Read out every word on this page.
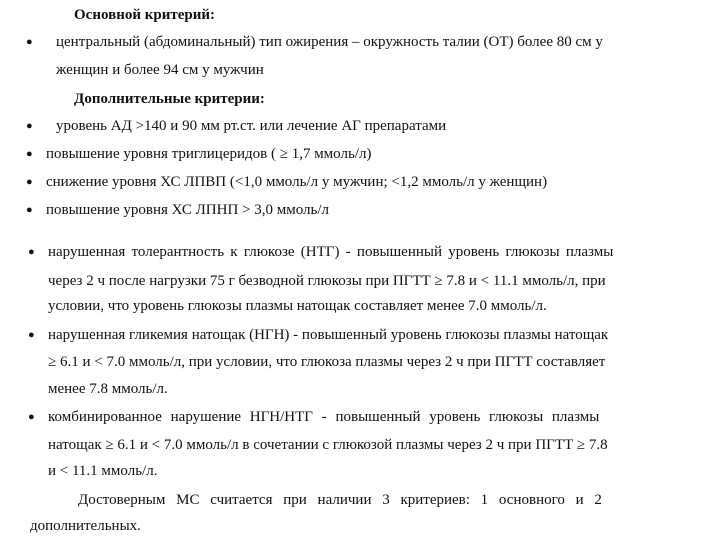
Основной критерий:
● центральный (абдоминальный) тип ожирения – окружность талии (ОТ) более 80 см у
женщин и более 94 см у мужчин
Дополнительные критерии:
● уровень АД >140 и 90 мм рт.ст. или лечение АГ препаратами
● повышение уровня триглицеридов ( ≥ 1,7 ммоль/л)
● снижение уровня ХС ЛПВП (<1,0 ммоль/л у мужчин; <1,2 ммоль/л у женщин)
● повышение уровня ХС ЛПНП > 3,0 ммоль/л
● нарушенная толерантность к глюкозе (НТГ) - повышенный уровень глюкозы плазмы
через 2 ч после нагрузки 75 г безводной глюкозы при ПГТТ ≥ 7.8 и < 11.1 ммоль/л, при
условии, что уровень глюкозы плазмы натощак составляет менее 7.0 ммоль/л.
● нарушенная гликемия натощак (НГН) - повышенный уровень глюкозы плазмы натощак
≥ 6.1 и < 7.0 ммоль/л, при условии, что глюкоза плазмы через 2 ч при ПГТТ составляет
менее 7.8 ммоль/л.
● комбинированное нарушение НГН/НТГ - повышенный уровень глюкозы плазмы
натощак ≥ 6.1 и < 7.0 ммоль/л в сочетании с глюкозой плазмы через 2 ч при ПГТТ ≥ 7.8
и < 11.1 ммоль/л.
Достоверным МС считается при наличии 3 критериев: 1 основного и 2
дополнительных.
